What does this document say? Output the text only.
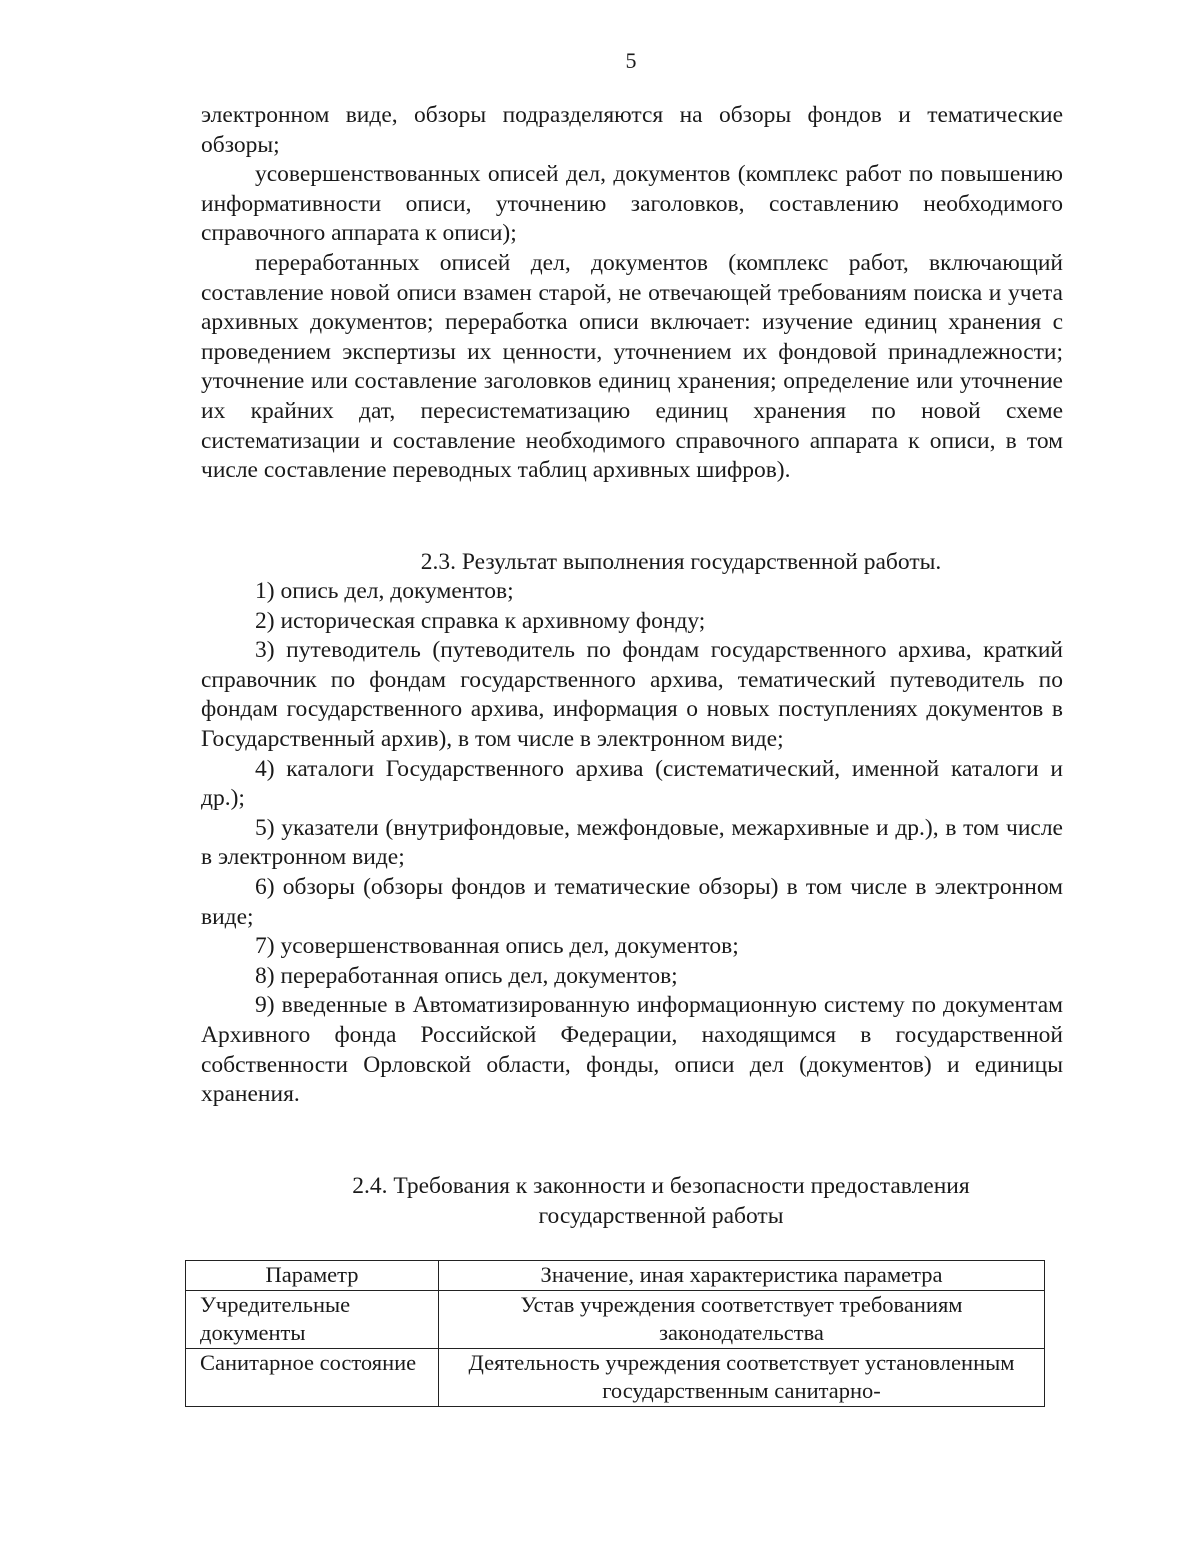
5

электронном виде, обзоры подразделяются на обзоры фондов и тематические обзоры;

усовершенствованных описей дел, документов (комплекс работ по повышению информативности описи, уточнению заголовков, составлению необходимого справочного аппарата к описи);

переработанных описей дел, документов (комплекс работ, включающий составление новой описи взамен старой, не отвечающей требованиям поиска и учета архивных документов; переработка описи включает: изучение единиц хранения с проведением экспертизы их ценности, уточнением их фондовой принадлежности; уточнение или составление заголовков единиц хранения; определение или уточнение их крайних дат, пересистематизацию единиц хранения по новой схеме систематизации и составление необходимого справочного аппарата к описи, в том числе составление переводных таблиц архивных шифров).

2.3. Результат выполнения государственной работы.

1) опись дел, документов;

2) историческая справка к архивному фонду;

3) путеводитель (путеводитель по фондам государственного архива, краткий справочник по фондам государственного архива, тематический путеводитель по фондам государственного архива, информация о новых поступлениях документов в Государственный архив), в том числе в электронном виде;

4) каталоги Государственного архива (систематический, именной каталоги и др.);

5) указатели (внутрифондовые, межфондовые, межархивные и др.), в том числе в электронном виде;

6) обзоры (обзоры фондов и тематические обзоры) в том числе в электронном виде;

7) усовершенствованная опись дел, документов;

8) переработанная опись дел, документов;

9) введенные в Автоматизированную информационную систему по документам Архивного фонда Российской Федерации, находящимся в государственной собственности Орловской области, фонды, описи дел (документов) и единицы хранения.

2.4. Требования к законности и безопасности предоставления

государственной работы

Параметр	Значение, иная характеристика параметра
Учредительные документы	Устав учреждения соответствует требованиям законодательства
Санитарное состояние	Деятельность учреждения соответствует установленным государственным санитарно-
